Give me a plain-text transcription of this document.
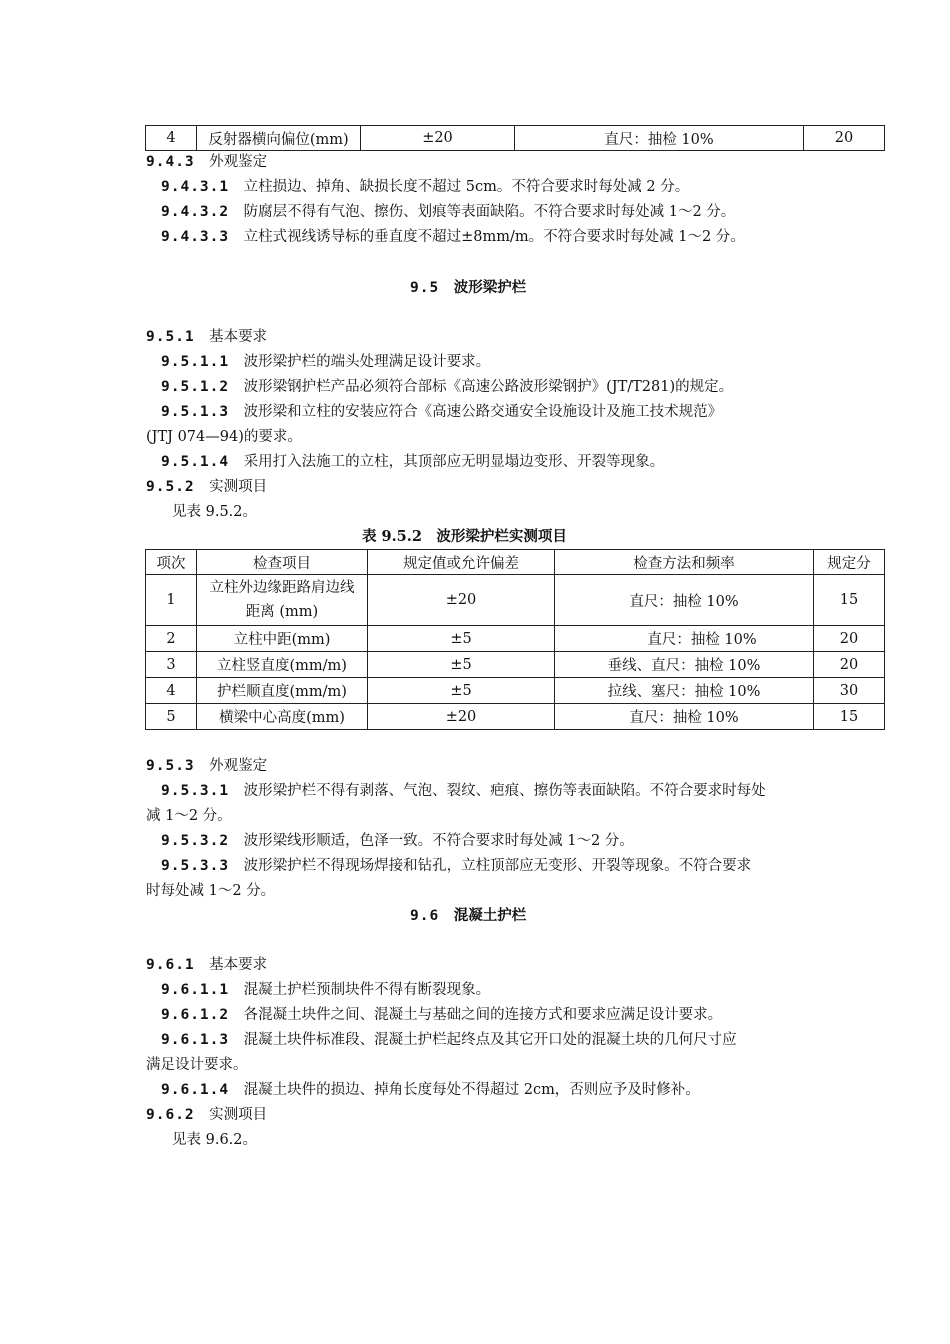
4	反射器横向偏位(mm)	±20	直尺：抽检 10%	20
9.4.3　 外观鉴定
9.4.3.1　 立柱损边、掉角、缺损长度不超过 5cm。不符合要求时每处减 2 分。
9.4.3.2　 防腐层不得有气泡、擦伤、划痕等表面缺陷。不符合要求时每处减 1～2 分。
9.4.3.3　 立柱式视线诱导标的垂直度不超过±8mm/m。不符合要求时每处减 1～2 分。
9.5　 波形梁护栏
9.5.1　 基本要求
9.5.1.1　 波形梁护栏的端头处理满足设计要求。
9.5.1.2　 波形梁钢护栏产品必须符合部标《高速公路波形梁钢护》(JT/T281)的规定。
9.5.1.3　 波形梁和立柱的安装应符合《高速公路交通安全设施设计及施工技术规范》
(JTJ 074—94)的要求。
9.5.1.4　 采用打入法施工的立柱，其顶部应无明显塌边变形、开裂等现象。
9.5.2　 实测项目
见表 9.5.2。
表 9.5.2　波形梁护栏实测项目
项次	检查项目	规定值或允许偏差	检查方法和频率	规定分
1	立柱外边缘距路肩边线
距离 (mm)	±20	直尺：抽检 10%	15
2	立柱中距(mm)	±5	直尺：抽检 10%	20
3	立柱竖直度(mm/m)	±5	垂线、直尺：抽检 10%	20
4	护栏顺直度(mm/m)	±5	拉线、塞尺：抽检 10%	30
5	横梁中心高度(mm)	±20	直尺：抽检 10%	15
9.5.3　 外观鉴定
9.5.3.1　 波形梁护栏不得有剥落、气泡、裂纹、疤痕、擦伤等表面缺陷。不符合要求时每处
减 1～2 分。
9.5.3.2　 波形梁线形顺适，色泽一致。不符合要求时每处减 1～2 分。
9.5.3.3　 波形梁护栏不得现场焊接和钻孔，立柱顶部应无变形、开裂等现象。不符合要求
时每处减 1～2 分。
9.6　 混凝土护栏
9.6.1　 基本要求
9.6.1.1　 混凝土护栏预制块件不得有断裂现象。
9.6.1.2　 各混凝土块件之间、混凝土与基础之间的连接方式和要求应满足设计要求。
9.6.1.3　 混凝土块件标准段、混凝土护栏起终点及其它开口处的混凝土块的几何尺寸应
满足设计要求。
9.6.1.4　 混凝土块件的损边、掉角长度每处不得超过 2cm，否则应予及时修补。
9.6.2　 实测项目
见表 9.6.2。
